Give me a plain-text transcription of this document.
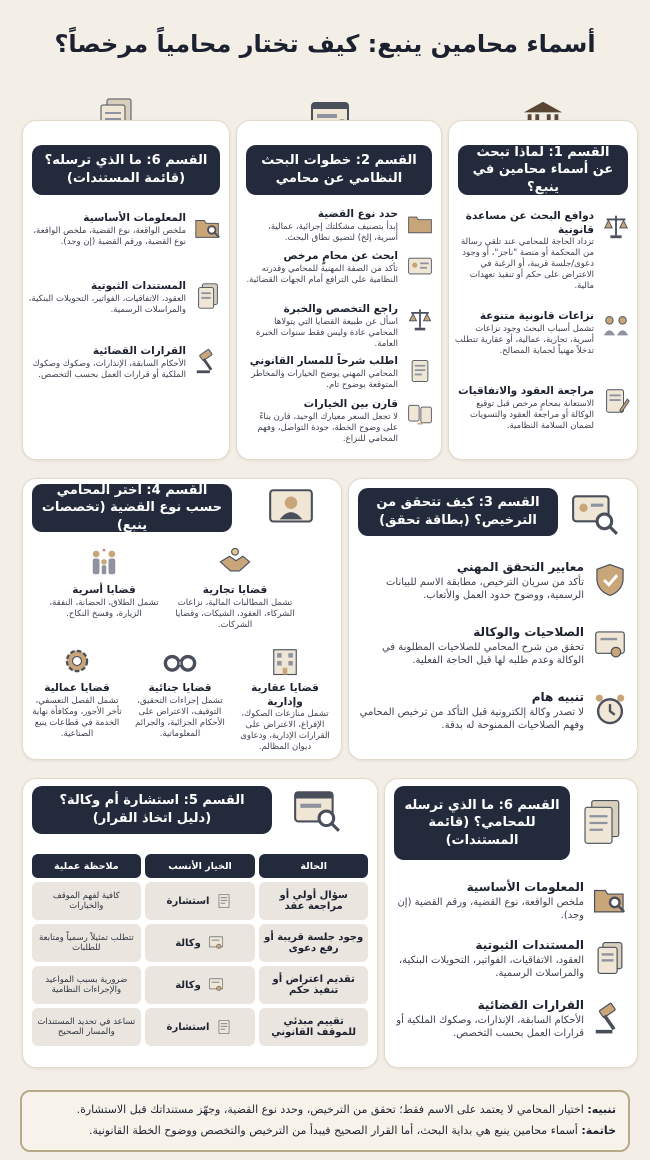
أسماء محامين ينبع: كيف تختار محامياً مرخصاً؟
القسم 1: لماذا تبحث عن أسماء محامين في ينبع؟
دوافع البحث عن مساعدة قانونية
تزداد الحاجة للمحامي عند تلقي رسالة من المحكمة أو منصة "ناجز"، أو وجود دعوى/جلسة قريبة، أو الرغبة في الاعتراض على حكم أو تنفيذ تعهدات مالية.
نزاعات قانونية متنوعة
تشمل أسباب البحث وجود نزاعات أسرية، تجارية، عمالية، أو عقارية تتطلب تدخلاً مهنياً لحماية المصالح.
مراجعة العقود والاتفاقيات
الاستعانة بمحامٍ مرخص قبل توقيع الوكالة أو مراجعة العقود والتسويات لضمان السلامة النظامية.
القسم 2: خطوات البحث النظامي عن محامي
حدد نوع القضية
إبدأ بتصنيف مشكلتك إجرائية، عمالية، أسرية، إلخ) لتضيق نطاق البحث.
ابحث عن محامٍ مرخص
تأكد من الصفة المهنية للمحامي وقدرته النظامية على الترافع أمام الجهات القضائية.
راجع التخصص والخبرة
اسأل عن طبيعة القضايا التي يتولاها المحامي عادة وليس فقط سنوات الخبرة العامة.
اطلب شرحاً للمسار القانوني
المحامي المهني يوضح الخيارات والمخاطر المتوقعة بوضوح تام.
قارن بين الخيارات
لا تجعل السعر معيارك الوحيد، قارن بناءً على وضوح الخطة، جودة التواصل، وفهم المحامي للنزاع.
القسم 6: ما الذي ترسله؟ (قائمة المستندات)
المعلومات الأساسية
ملخص الواقعة، نوع القضية، ملخص الواقعة، نوع القضية، ورقم القضية (إن وجد).
المستندات الثبوتية
العقود، الاتفاقيات، الفواتير، التحويلات البنكية، والمراسلات الرسمية.
القرارات القضائية
الأحكام السابقة، الإنذارات، وصكوك وصكوك الملكية أو قرارات العمل بحسب التخصص.
القسم 3: كيف تتحقق من الترخيص؟ (بطاقة تحقق)
معايير التحقق المهني
تأكد من سريان الترخيص، مطابقة الاسم للبيانات الرسمية، ووضوح حدود العمل والأتعاب.
الصلاحيات والوكالة
تحقق من شرح المحامي للصلاحيات المطلوبة في الوكالة وعدم طلبه لها قبل الحاجة الفعلية.
تنبيه هام
لا تصدر وكالة إلكترونية قبل التأكد من ترخيص المحامي وفهم الصلاحيات الممنوحة له بدقة.
القسم 4: اختر المحامي حسب نوع القضية (تخصصات ينبع)
قضايا تجارية
تشمل المطالبات المالية، نزاعات الشركاء، العقود، الشيكات، وقضايا الشركات.
قضايا أسرية
تشمل الطلاق، الحضانة، النفقة، الزيارة، وفسخ النكاح.
قضايا عقارية وإدارية
تشمل منازعات الصكوك، الإفراغ، الاعتراض على القرارات الإدارية، ودعاوى ديوان المظالم.
قضايا جنائية
تشمل إجراءات التحقيق، التوقيف، الاعتراض على الأحكام الجزائية، والجرائم المعلوماتية.
قضايا عمالية
تشمل الفصل التعسفي، تأخر الأجور، ومكافأة نهاية الخدمة في قطاعات ينبع الصناعية.
القسم 6: ما الذي ترسله للمحامي؟ (قائمة المستندات)
المعلومات الأساسية
ملخص الواقعة، نوع القضية، ورقم القضية (إن وجد).
المستندات الثبوتية
العقود، الاتفاقيات، الفواتير، التحويلات البنكية، والمراسلات الرسمية.
القرارات القضائية
الأحكام السابقة، الإنذارات، وصكوك الملكية أو قرارات العمل بحسب التخصص.
القسم 5: استشارة أم وكالة؟ (دليل اتخاذ القرار)
الحالة	الخيار الأنسب	ملاحظة عملية
سؤال أولي أو مراجعة عقد	استشارة	كافية لفهم الموقف والخيارات
وجود جلسة قريبة أو رفع دعوى	وكالة	تتطلب تمثيلاً رسمياً ومتابعة للطلبات
تقديم اعتراض أو تنفيذ حكم	وكالة	ضرورية بسبب المواعيد والإجراءات النظامية
تقييم مبدئي للموقف القانوني	استشارة	تساعد في تحديد المستندات والمسار الصحيح
تنبيه: اختيار المحامي لا يعتمد على الاسم فقط؛ تحقق من الترخيص، وحدد نوع القضية، وجهّز مستنداتك قبل الاستشارة.
خاتمة: أسماء محامين ينبع هي بداية البحث، أما القرار الصحيح فيبدأ من الترخيص والتخصص ووضوح الخطة القانونية.
